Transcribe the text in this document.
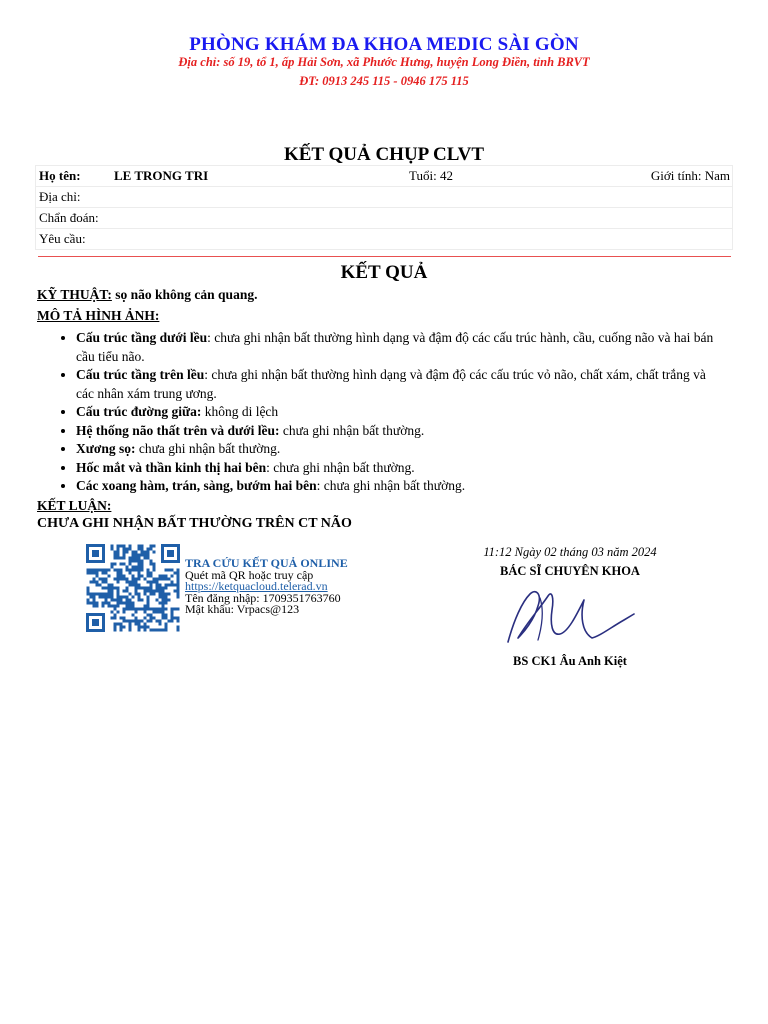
PHÒNG KHÁM ĐA KHOA MEDIC SÀI GÒN
Địa chỉ: số 19, tổ 1, ấp Hải Sơn, xã Phước Hưng, huyện Long Điền, tỉnh BRVT
ĐT: 0913 245 115 - 0946 175 115
KẾT QUẢ CHỤP CLVT
Họ tên:	LE TRONG TRI	Tuổi: 42	Giới tính: Nam
Địa chỉ:
Chẩn đoán:
Yêu cầu:
KẾT QUẢ
KỸ THUẬT: sọ não không cản quang.
MÔ TẢ HÌNH ẢNH:
• Cấu trúc tầng dưới lều: chưa ghi nhận bất thường hình dạng và đậm độ các cấu trúc hành, cầu, cuống não và hai bán cầu tiểu não.
• Cấu trúc tầng trên lều: chưa ghi nhận bất thường hình dạng và đậm độ các cấu trúc vỏ não, chất xám, chất trắng và các nhân xám trung ương.
• Cấu trúc đường giữa: không di lệch
• Hệ thống não thất trên và dưới lều: chưa ghi nhận bất thường.
• Xương sọ: chưa ghi nhận bất thường.
• Hốc mắt và thần kinh thị hai bên: chưa ghi nhận bất thường.
• Các xoang hàm, trán, sàng, bướm hai bên: chưa ghi nhận bất thường.
KẾT LUẬN:
CHƯA GHI NHẬN BẤT THƯỜNG TRÊN CT NÃO
TRA CỨU KẾT QUẢ ONLINE
Quét mã QR hoặc truy cập
https://ketquacloud.telerad.vn
Tên đăng nhập: 1709351763760
Mật khẩu: Vrpacs@123
11:12 Ngày 02 tháng 03 năm 2024
BÁC SĨ CHUYÊN KHOA
BS CK1 Âu Anh Kiệt
